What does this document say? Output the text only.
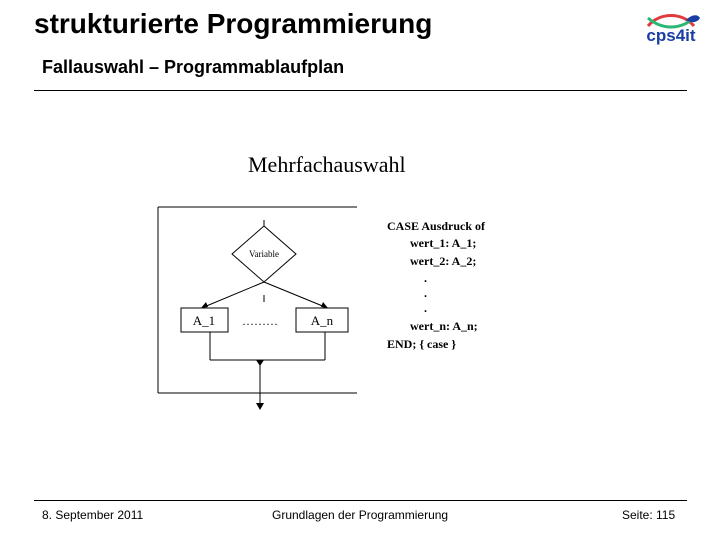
strukturierte Programmierung
Fallauswahl – Programmablaufplan
cps4it
Mehrfachauswahl
Variable
A_1 ………	A_n
CASE Ausdruck of
wert_1: A_1;
wert_2: A_2;
.
.
.
wert_n: A_n;
END; { case }
8. September 2011	Grundlagen der Programmierung	Seite: 115
